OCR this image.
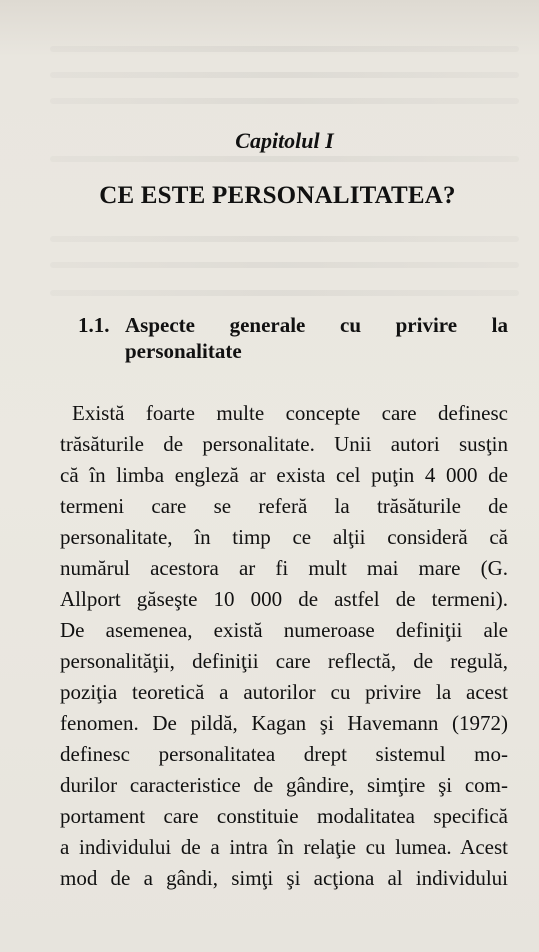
Capitolul I
CE ESTE PERSONALITATEA?
1.1. Aspecte generale cu privire la
personalitate
Există foarte multe concepte care definesc
trăsăturile de personalitate. Unii autori susţin
că în limba engleză ar exista cel puţin 4 000 de
termeni care se referă la trăsăturile de
personalitate, în timp ce alţii consideră că
numărul acestora ar fi mult mai mare (G.
Allport găseşte 10 000 de astfel de termeni).
De asemenea, există numeroase definiţii ale
personalităţii, definiţii care reflectă, de regulă,
poziţia teoretică a autorilor cu privire la acest
fenomen. De pildă, Kagan şi Havemann (1972)
definesc personalitatea drept sistemul mo-
durilor caracteristice de gândire, simţire şi com-
portament care constituie modalitatea specifică
a individului de a intra în relaţie cu lumea. Acest
mod de a gândi, simţi şi acţiona al individului
